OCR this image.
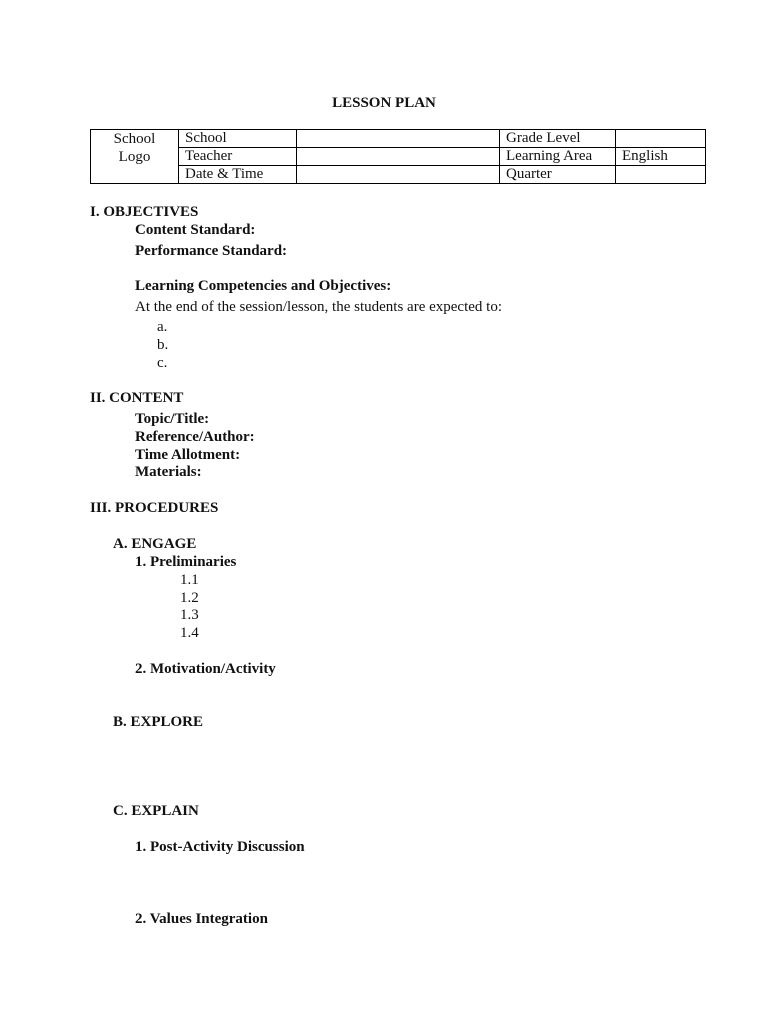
LESSON PLAN
School
Logo	School		Grade Level	
	Teacher		Learning Area	English
	Date & Time		Quarter	
I. OBJECTIVES
Content Standard:
Performance Standard:
Learning Competencies and Objectives:
At the end of the session/lesson, the students are expected to:
a.
b.
c.
II. CONTENT
Topic/Title:
Reference/Author:
Time Allotment:
Materials:
III. PROCEDURES
A. ENGAGE
1. Preliminaries
1.1
1.2
1.3
1.4
2. Motivation/Activity
B. EXPLORE
C. EXPLAIN
1. Post-Activity Discussion
2. Values Integration
